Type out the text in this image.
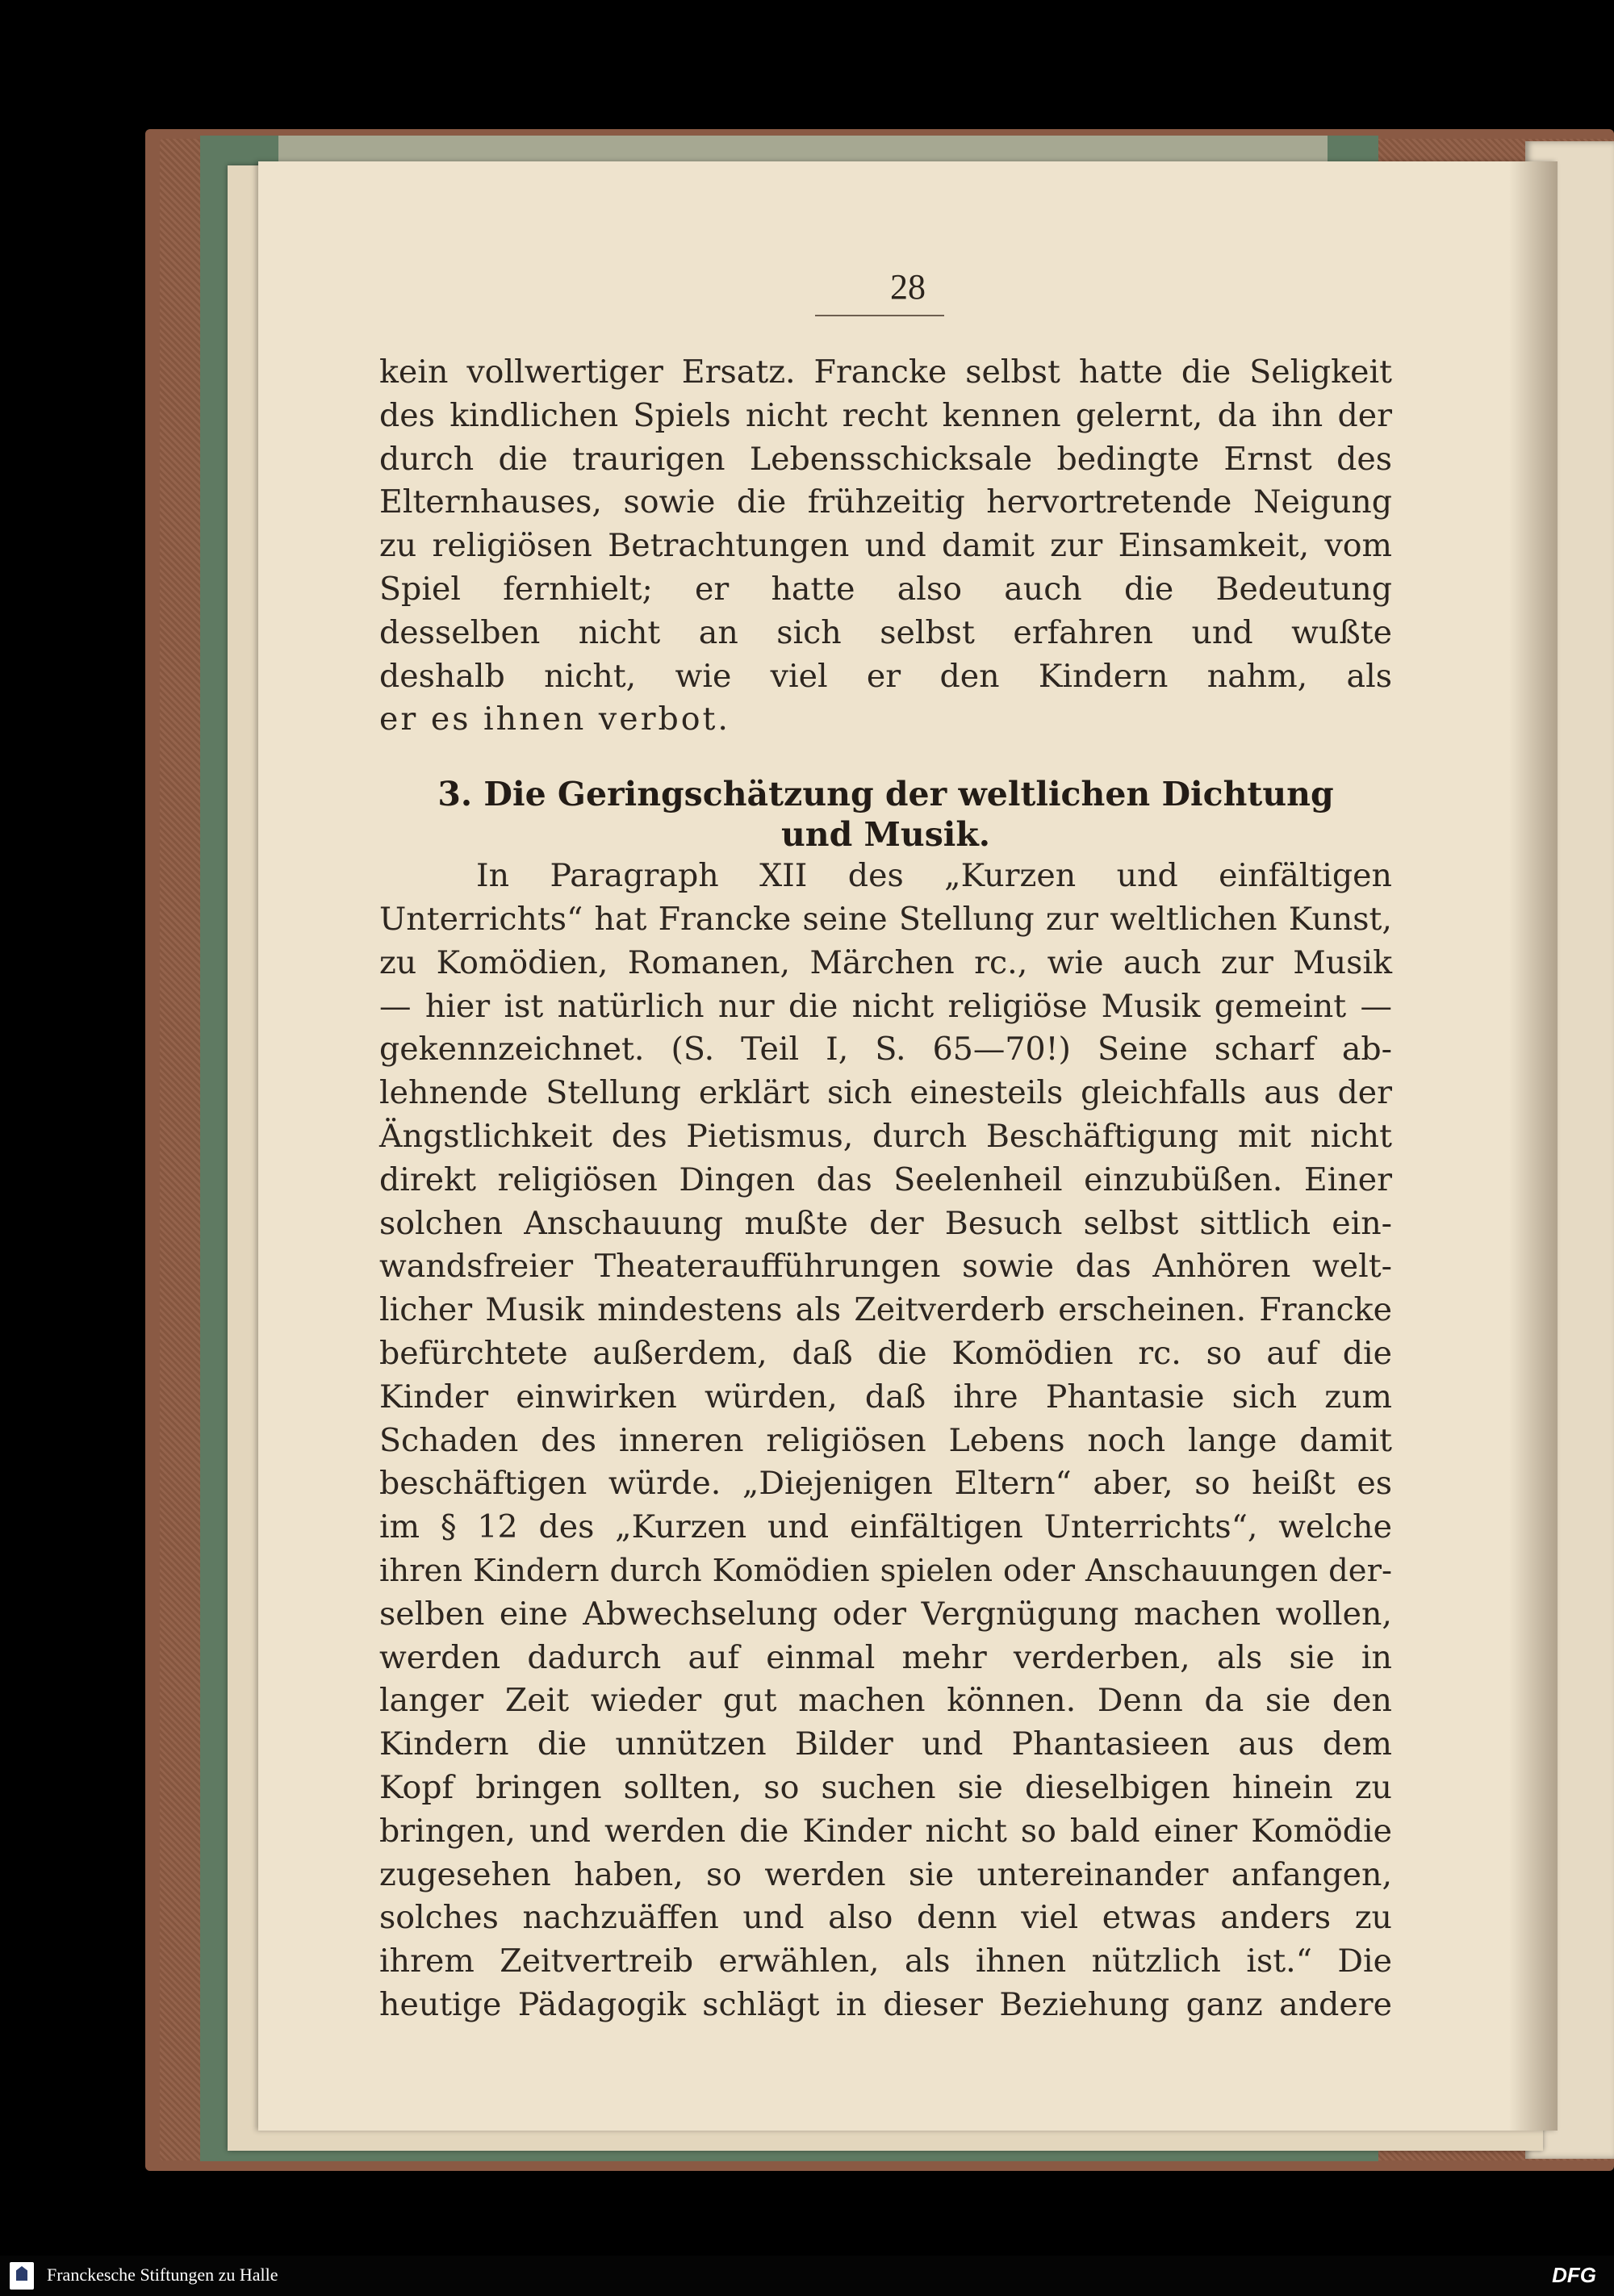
28
kein vollwertiger Ersatz. Francke selbst hatte die Seligkeit
des kindlichen Spiels nicht recht kennen gelernt, da ihn der
durch die traurigen Lebensschicksale bedingte Ernst des
Elternhauses, sowie die frühzeitig hervortretende Neigung
zu religiösen Betrachtungen und damit zur Einsamkeit, vom
Spiel fernhielt; er hatte also auch die Bedeutung
desselben nicht an sich selbst erfahren und wußte
deshalb nicht, wie viel er den Kindern nahm, als
er es ihnen verbot.
3. Die Geringschätzung der weltlichen Dichtung
und Musik.
In Paragraph XII des „Kurzen und einfältigen
Unterrichts“ hat Francke seine Stellung zur weltlichen Kunst,
zu Komödien, Romanen, Märchen rc., wie auch zur Musik
— hier ist natürlich nur die nicht religiöse Musik gemeint —
gekennzeichnet. (S. Teil I, S. 65—70!) Seine scharf ab-
lehnende Stellung erklärt sich einesteils gleichfalls aus der
Ängstlichkeit des Pietismus, durch Beschäftigung mit nicht
direkt religiösen Dingen das Seelenheil einzubüßen. Einer
solchen Anschauung mußte der Besuch selbst sittlich ein-
wandsfreier Theateraufführungen sowie das Anhören welt-
licher Musik mindestens als Zeitverderb erscheinen. Francke
befürchtete außerdem, daß die Komödien rc. so auf die
Kinder einwirken würden, daß ihre Phantasie sich zum
Schaden des inneren religiösen Lebens noch lange damit
beschäftigen würde. „Diejenigen Eltern“ aber, so heißt es
im § 12 des „Kurzen und einfältigen Unterrichts“, welche
ihren Kindern durch Komödien spielen oder Anschauungen der-
selben eine Abwechselung oder Vergnügung machen wollen,
werden dadurch auf einmal mehr verderben, als sie in
langer Zeit wieder gut machen können. Denn da sie den
Kindern die unnützen Bilder und Phantasieen aus dem
Kopf bringen sollten, so suchen sie dieselbigen hinein zu
bringen, und werden die Kinder nicht so bald einer Komödie
zugesehen haben, so werden sie untereinander anfangen,
solches nachzuäffen und also denn viel etwas anders zu
ihrem Zeitvertreib erwählen, als ihnen nützlich ist.“ Die
heutige Pädagogik schlägt in dieser Beziehung ganz andere
Franckesche Stiftungen zu Halle	DFG
